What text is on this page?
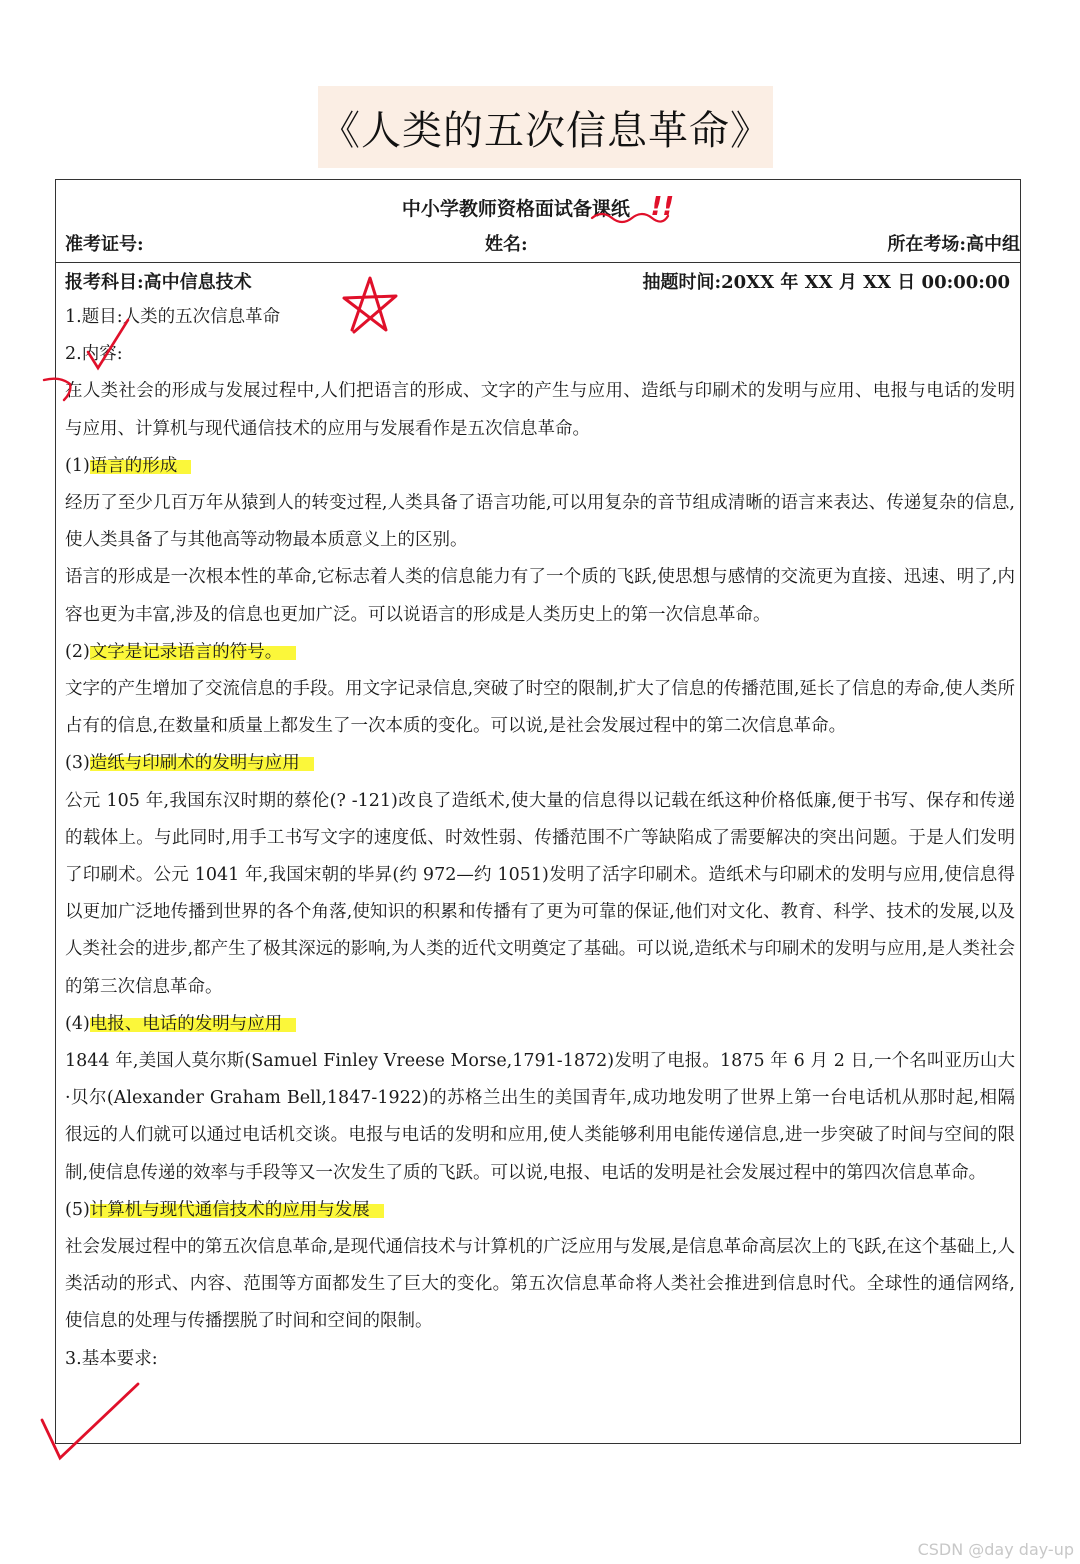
《人类的五次信息革命》
中小学教师资格面试备课纸 !!
准考证号:	姓名:	所在考场:高中组
报考科目:高中信息技术	抽题时间:20XX 年 XX 月 XX 日 00:00:00

1.题目:人类的五次信息革命

2.内容:

在人类社会的形成与发展过程中,人们把语言的形成、文字的产生与应用、造纸与印刷术的发明与应用、电报与电话的发明与应用、计算机与现代通信技术的应用与发展看作是五次信息革命。

(1)语言的形成

经历了至少几百万年从猿到人的转变过程,人类具备了语言功能,可以用复杂的音节组成清晰的语言来表达、传递复杂的信息,使人类具备了与其他高等动物最本质意义上的区别。

语言的形成是一次根本性的革命,它标志着人类的信息能力有了一个质的飞跃,使思想与感情的交流更为直接、迅速、明了,内容也更为丰富,涉及的信息也更加广泛。可以说语言的形成是人类历史上的第一次信息革命。

(2)文字是记录语言的符号。

文字的产生增加了交流信息的手段。用文字记录信息,突破了时空的限制,扩大了信息的传播范围,延长了信息的寿命,使人类所占有的信息,在数量和质量上都发生了一次本质的变化。可以说,是社会发展过程中的第二次信息革命。

(3)造纸与印刷术的发明与应用

公元 105 年,我国东汉时期的蔡伦(? -121)改良了造纸术,使大量的信息得以记载在纸这种价格低廉,便于书写、保存和传递的载体上。与此同时,用手工书写文字的速度低、时效性弱、传播范围不广等缺陷成了需要解决的突出问题。于是人们发明了印刷术。公元 1041 年,我国宋朝的毕昇(约 972—约 1051)发明了活字印刷术。造纸术与印刷术的发明与应用,使信息得以更加广泛地传播到世界的各个角落,使知识的积累和传播有了更为可靠的保证,他们对文化、教育、科学、技术的发展,以及人类社会的进步,都产生了极其深远的影响,为人类的近代文明奠定了基础。可以说,造纸术与印刷术的发明与应用,是人类社会的第三次信息革命。

(4)电报、电话的发明与应用

1844 年,美国人莫尔斯(Samuel Finley Vreese Morse,1791-1872)发明了电报。1875 年 6 月 2 日,一个名叫亚历山大·贝尔(Alexander Graham Bell,1847-1922)的苏格兰出生的美国青年,成功地发明了世界上第一台电话机从那时起,相隔很远的人们就可以通过电话机交谈。电报与电话的发明和应用,使人类能够利用电能传递信息,进一步突破了时间与空间的限制,使信息传递的效率与手段等又一次发生了质的飞跃。可以说,电报、电话的发明是社会发展过程中的第四次信息革命。

(5)计算机与现代通信技术的应用与发展

社会发展过程中的第五次信息革命,是现代通信技术与计算机的广泛应用与发展,是信息革命高层次上的飞跃,在这个基础上,人类活动的形式、内容、范围等方面都发生了巨大的变化。第五次信息革命将人类社会推进到信息时代。全球性的通信网络,使信息的处理与传播摆脱了时间和空间的限制。

3.基本要求:

CSDN @day day-up
